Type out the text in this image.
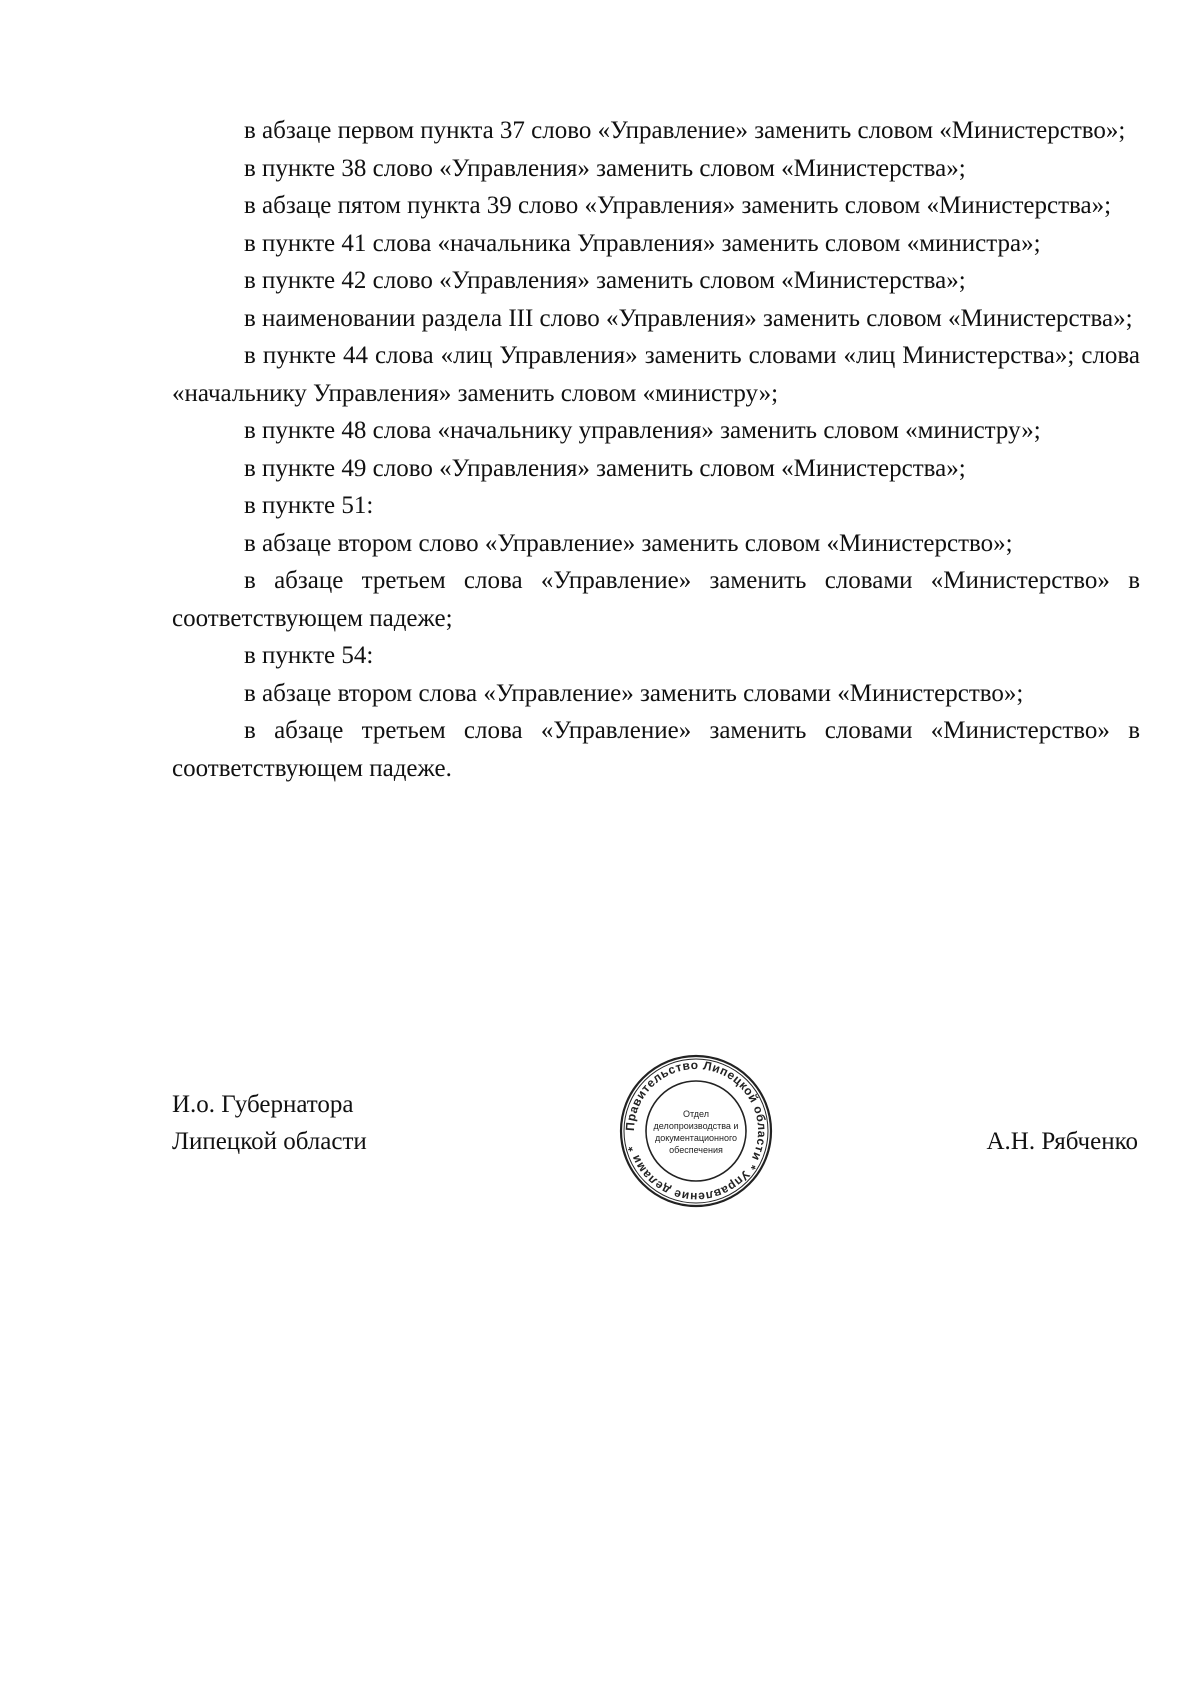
в абзаце первом пункта 37 слово «Управление» заменить словом «Министерство»;

в пункте 38 слово «Управления» заменить словом «Министерства»;

в абзаце пятом пункта 39 слово «Управления» заменить словом «Министерства»;

в пункте 41 слова «начальника Управления» заменить словом «министра»;

в пункте 42 слово «Управления» заменить словом «Министерства»;

в наименовании раздела III слово «Управления» заменить словом «Министерства»;

в пункте 44 слова «лиц Управления» заменить словами «лиц Министерства»; слова «начальнику Управления» заменить словом «министру»;

в пункте 48 слова «начальнику управления» заменить словом «министру»;

в пункте 49 слово «Управления» заменить словом «Министерства»;

в пункте 51:

в абзаце втором слово «Управление» заменить словом «Министерство»;

в абзаце третьем слова «Управление» заменить словами «Министерство» в соответствующем падеже;

в пункте 54:

в абзаце втором слова «Управление» заменить словами «Министерство»;

в абзаце третьем слова «Управление» заменить словами «Министерство» в соответствующем падеже.

И.о. Губернатора
Липецкой области
Правительство Липецкой области * Управление делами *
Отдел
делопроизводства и
документационного
обеспечения	А.Н. Рябченко
